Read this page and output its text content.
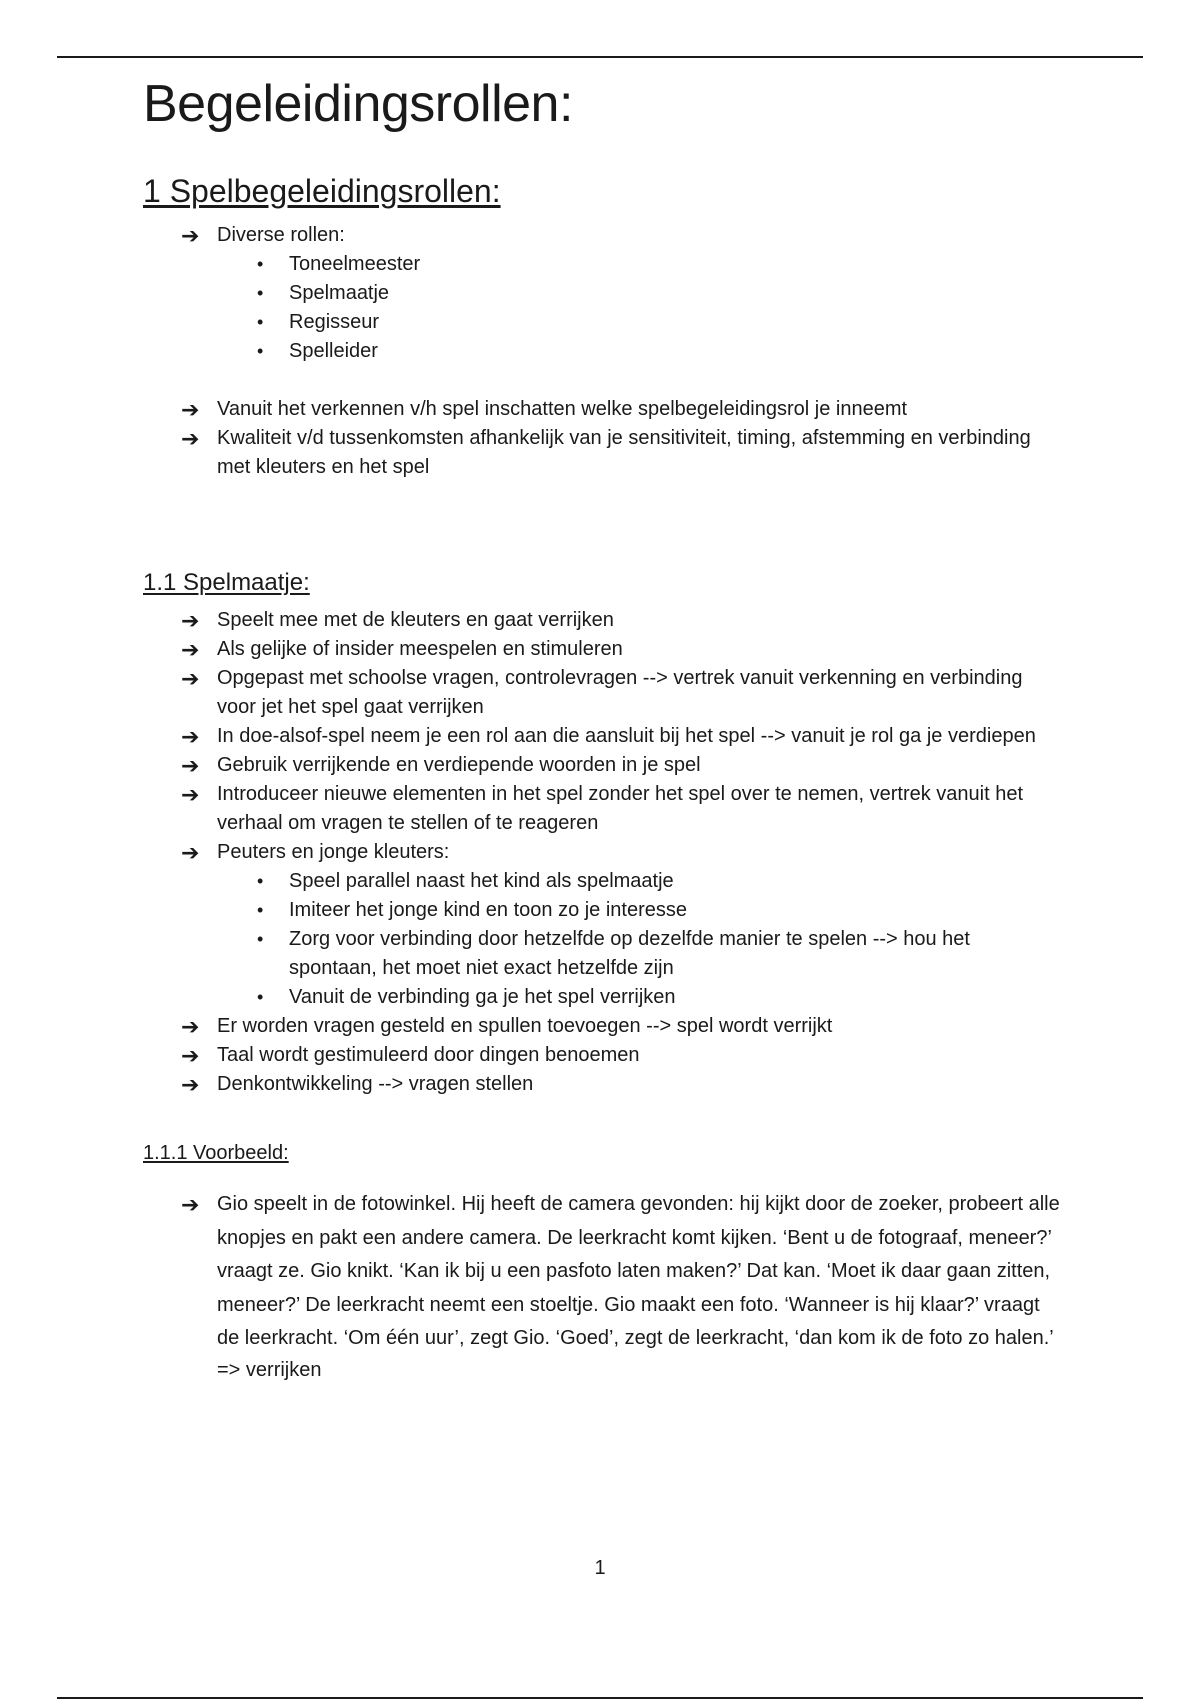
Begeleidingsrollen:
1 Spelbegeleidingsrollen:
➔ Diverse rollen:
• Toneelmeester
• Spelmaatje
• Regisseur
• Spelleider
➔ Vanuit het verkennen v/h spel inschatten welke spelbegeleidingsrol je inneemt
➔ Kwaliteit v/d tussenkomsten afhankelijk van je sensitiviteit, timing, afstemming en verbinding met kleuters en het spel
1.1 Spelmaatje:
➔ Speelt mee met de kleuters en gaat verrijken
➔ Als gelijke of insider meespelen en stimuleren
➔ Opgepast met schoolse vragen, controlevragen --> vertrek vanuit verkenning en verbinding voor jet het spel gaat verrijken
➔ In doe-alsof-spel neem je een rol aan die aansluit bij het spel --> vanuit je rol ga je verdiepen
➔ Gebruik verrijkende en verdiepende woorden in je spel
➔ Introduceer nieuwe elementen in het spel zonder het spel over te nemen, vertrek vanuit het verhaal om vragen te stellen of te reageren
➔ Peuters en jonge kleuters:
• Speel parallel naast het kind als spelmaatje
• Imiteer het jonge kind en toon zo je interesse
• Zorg voor verbinding door hetzelfde op dezelfde manier te spelen --> hou het spontaan, het moet niet exact hetzelfde zijn
• Vanuit de verbinding ga je het spel verrijken
➔ Er worden vragen gesteld en spullen toevoegen --> spel wordt verrijkt
➔ Taal wordt gestimuleerd door dingen benoemen
➔ Denkontwikkeling --> vragen stellen
1.1.1 Voorbeeld:
➔ Gio speelt in de fotowinkel. Hij heeft de camera gevonden: hij kijkt door de zoeker, probeert alle knopjes en pakt een andere camera. De leerkracht komt kijken. ‘Bent u de fotograaf, meneer?’ vraagt ze. Gio knikt. ‘Kan ik bij u een pasfoto laten maken?’ Dat kan. ‘Moet ik daar gaan zitten, meneer?’ De leerkracht neemt een stoeltje. Gio maakt een foto. ‘Wanneer is hij klaar?’ vraagt de leerkracht. ‘Om één uur’, zegt Gio. ‘Goed’, zegt de leerkracht, ‘dan kom ik de foto zo halen.’
=> verrijken
1
